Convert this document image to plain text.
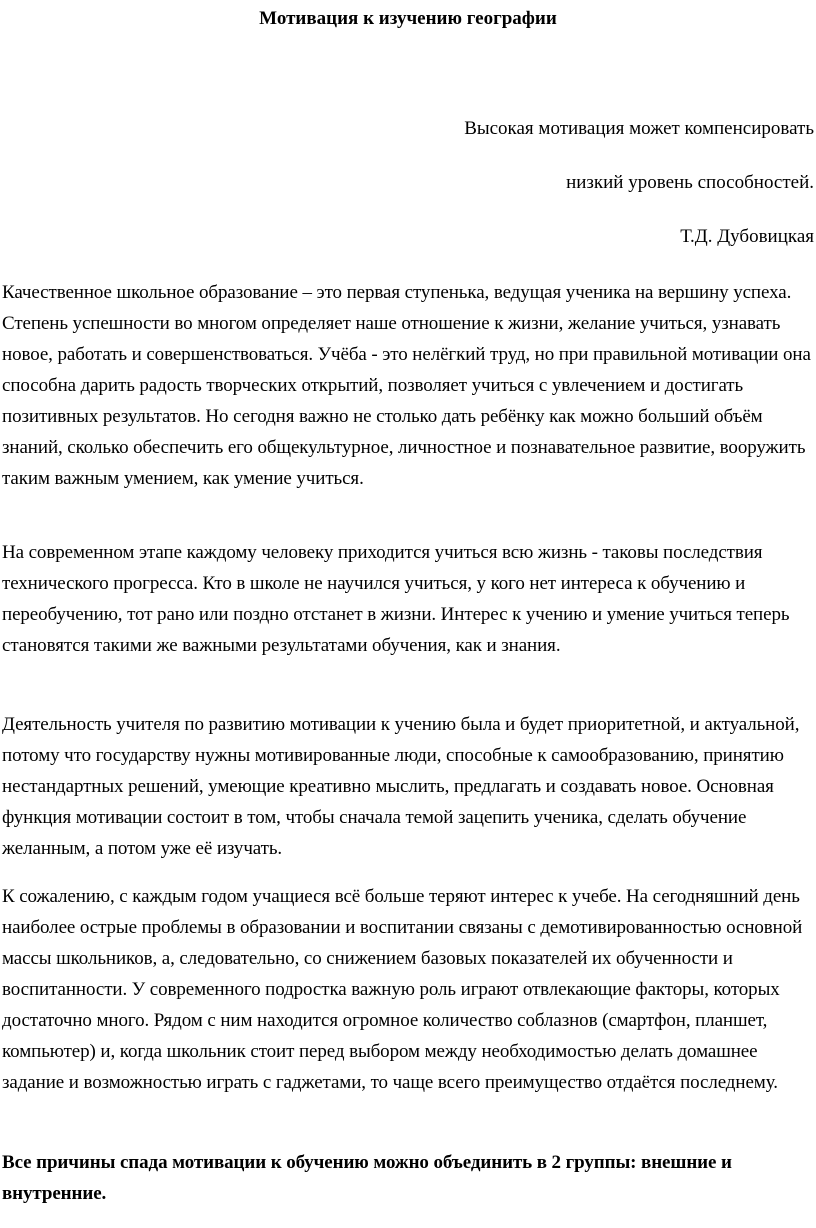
Мотивация к изучению географии

Высокая мотивация может компенсировать

низкий уровень способностей.

Т.Д. Дубовицкая

Качественное школьное образование – это первая ступенька, ведущая ученика на вершину успеха. Степень успешности во многом определяет наше отношение к жизни, желание учиться, узнавать новое, работать и совершенствоваться. Учёба - это нелёгкий труд, но при правильной мотивации она способна дарить радость творческих открытий, позволяет учиться с увлечением и достигать позитивных результатов. Но сегодня важно не столько дать ребёнку как можно больший объём знаний, сколько обеспечить его общекультурное, личностное и познавательное развитие, вооружить таким важным умением, как умение учиться.

На современном этапе каждому человеку приходится учиться всю жизнь - таковы последствия технического прогресса. Кто в школе не научился учиться, у кого нет интереса к обучению и переобучению, тот рано или поздно отстанет в жизни. Интерес к учению и умение учиться теперь становятся такими же важными результатами обучения, как и знания.

Деятельность учителя по развитию мотивации к учению была и будет приоритетной, и актуальной, потому что государству нужны мотивированные люди, способные к самообразованию, принятию нестандартных решений, умеющие креативно мыслить, предлагать и создавать новое. Основная функция мотивации состоит в том, чтобы сначала темой зацепить ученика, сделать обучение желанным, а потом уже её изучать.

К сожалению, с каждым годом учащиеся всё больше теряют интерес к учебе. На сегодняшний день наиболее острые проблемы в образовании и воспитании связаны с демотивированностью основной массы школьников, а, следовательно, со снижением базовых показателей их обученности и воспитанности. У современного подростка важную роль играют отвлекающие факторы, которых достаточно много. Рядом с ним находится огромное количество соблазнов (смартфон, планшет, компьютер) и, когда школьник стоит перед выбором между необходимостью делать домашнее задание и возможностью играть с гаджетами, то чаще всего преимущество отдаётся последнему.

Все причины спада мотивации к обучению можно объединить в 2 группы: внешние и внутренние.
